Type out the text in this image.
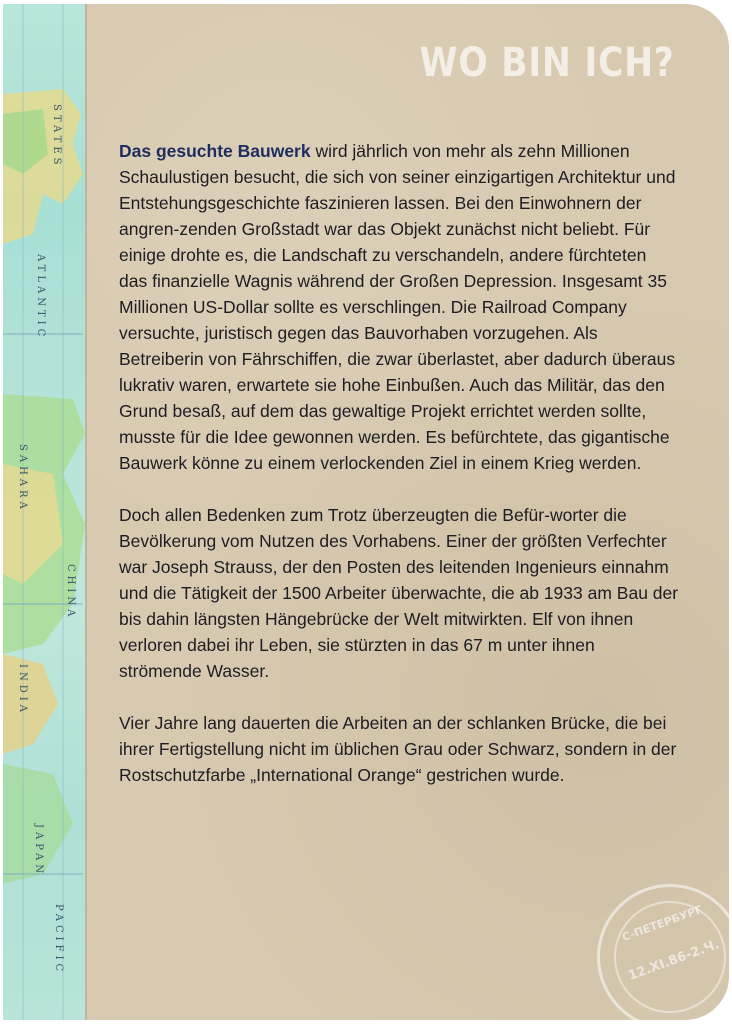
STATES
ATLANTIC
SAHARA
INDIA
CHINA
JAPAN
PACIFIC
WO BIN ICH?

Das gesuchte Bauwerk wird jährlich von mehr als zehn Millionen Schaulustigen besucht, die sich von seiner einzigartigen Architektur und Entstehungsgeschichte faszinieren lassen. Bei den Einwohnern der angren-zenden Großstadt war das Objekt zunächst nicht beliebt. Für einige drohte es, die Landschaft zu verschandeln, andere fürchteten das finanzielle Wagnis während der Großen Depression. Insgesamt 35 Millionen US-Dollar sollte es verschlingen. Die Railroad Company versuchte, juristisch gegen das Bauvorhaben vorzugehen. Als Betreiberin von Fährschiffen, die zwar überlastet, aber dadurch überaus lukrativ waren, erwartete sie hohe Einbußen. Auch das Militär, das den Grund besaß, auf dem das gewaltige Projekt errichtet werden sollte, musste für die Idee gewonnen werden. Es befürchtete, das gigantische Bauwerk könne zu einem verlockenden Ziel in einem Krieg werden.

Doch allen Bedenken zum Trotz überzeugten die Befür-worter die Bevölkerung vom Nutzen des Vorhabens. Einer der größten Verfechter war Joseph Strauss, der den Posten des leitenden Ingenieurs einnahm und die Tätigkeit der 1500 Arbeiter überwachte, die ab 1933 am Bau der bis dahin längsten Hängebrücke der Welt mitwirkten. Elf von ihnen verloren dabei ihr Leben, sie stürzten in das 67 m unter ihnen strömende Wasser.

Vier Jahre lang dauerten die Arbeiten an der schlanken Brücke, die bei ihrer Fertigstellung nicht im üblichen Grau oder Schwarz, sondern in der Rostschutzfarbe „International Orange“ gestrichen wurde.

С-ПЕТЕРБУРГ
12.XI.86-2.Ч.
